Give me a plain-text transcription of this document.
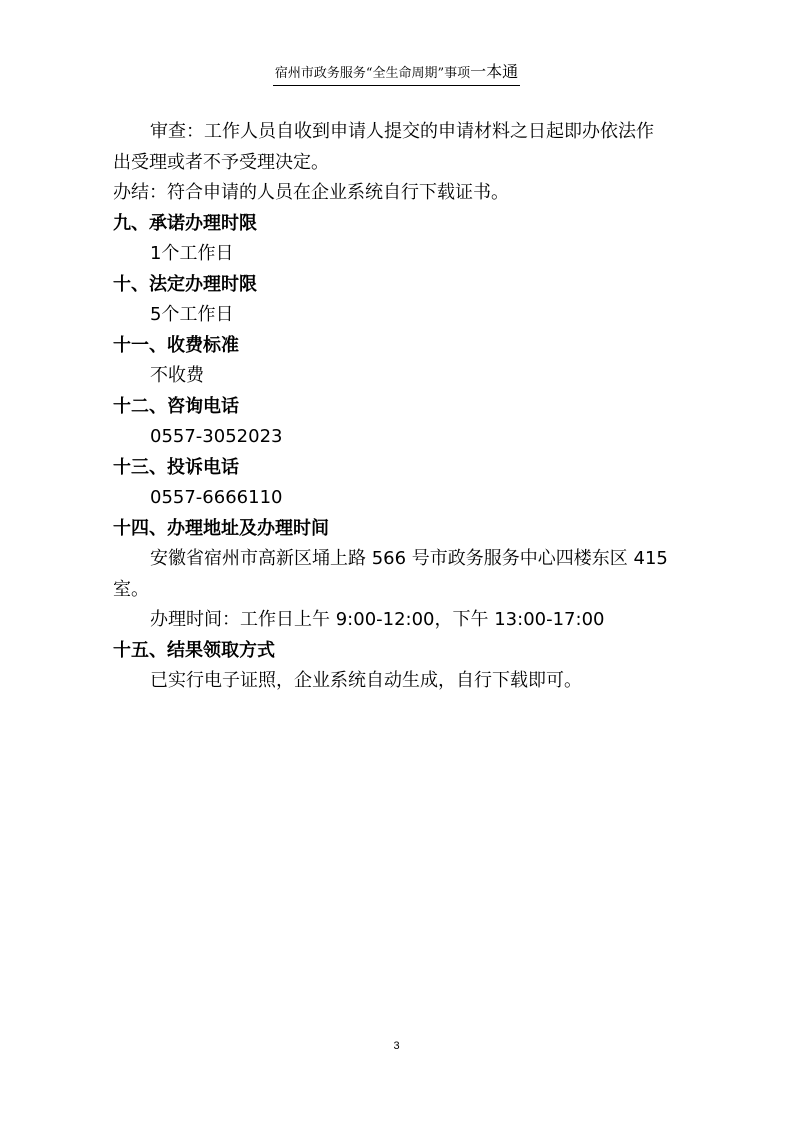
宿州市政务服务“全生命周期”事项一本通
审查：工作人员自收到申请人提交的申请材料之日起即办依法作
出受理或者不予受理决定。
办结：符合申请的人员在企业系统自行下载证书。
九、承诺办理时限
1个工作日
十、法定办理时限
5个工作日
十一、收费标准
不收费
十二、咨询电话
0557-3052023
十三、投诉电话
0557-6666110
十四、办理地址及办理时间
安徽省宿州市高新区埇上路 566 号市政务服务中心四楼东区 415
室。
办理时间：工作日上午 9:00-12:00，下午 13:00-17:00
十五、结果领取方式
已实行电子证照，企业系统自动生成，自行下载即可。
3
